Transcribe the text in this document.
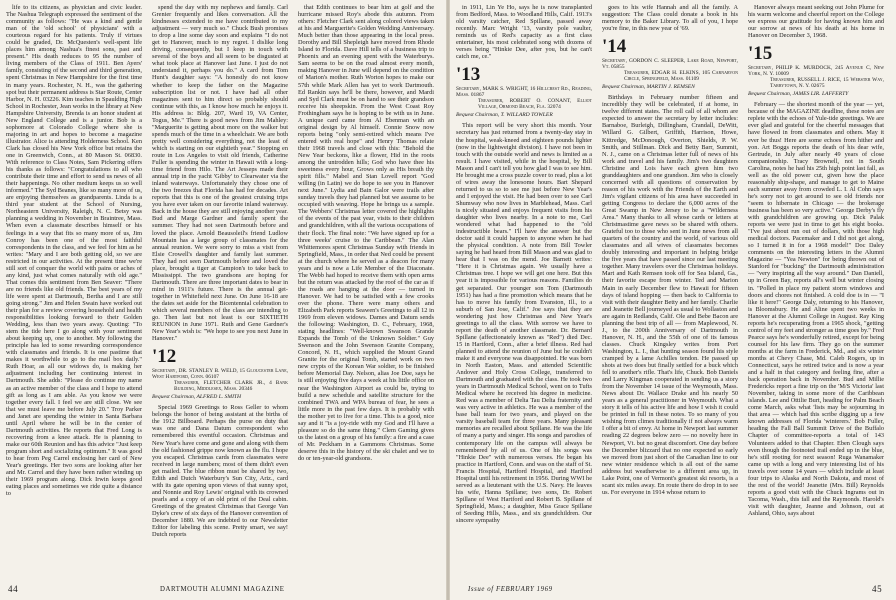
life to its citizens, as physician and civic leader. The Nashua Telegraph expressed the sentiment of the community as follows: "He was a kind and gentle man of the 'old school' of physicians' with a courteous regard for his patients. Truly if virtues could be graded, Dr. McQuesten's well-spent life places him among Nashua's finest sons, past and present." His death reduces to 95 the number of living members of the Class of 1911. Ben Ayers' family, consisting of the second and third generation, spent Christmas in New Hampshire for the first time in many years. Rochester, N. H., was the gathering spot but their permanent address is Star Route, Center Harbor, N. H. 03226. Kim teaches in Spaulding High School in Rochester, Jean works in the library at New Hampshire University, Brenda is an honor student at New England College and is a junior. Bob is a sophomore at Colorado College where she is majoring in art and hopes to become a magazine illustrator. Alice is attending Holderness School. Ken Clark has closed his New York office but retains the one in Greenwich, Conn., at 80 Mason St. 06830. With reference to Class Notes, Sam Pickering offers his thanks as follows: "Congratulations to all who contribute their time and effort to send us news of all their happenings. No other medium keeps us so well informed." The Syd Beanes, like so many more of us, are enjoying themselves as grandparents. Linda is a third year student at the School of Nursing, Northeastern University, Raleigh, N. C. Betsy was planning a wedding in November in Braintree, Mass. When even a classmate describes himself or his feelings in a way that fits so many more of us, Jim Conroy has been one of the most faithful correspondents in the class, and we feel for him as he writes: "Mary and I are both getting old, so we are restricted in our activities. At the present time we're still sort of conquer the world with pains or aches of any kind, just what comes naturally with old age." That comes this sentiment from Ben Seaver: "There are no friends like old friends. The best years of my life were spent at Dartmouth, Bertha and I are still going strong." Jim and Helen Swain have worked out their plan for a review covering household and health responsibilities looking forward to their Golden Wedding, less than two years away. Quoting: "To stem the tide here I go along with your sentiment about keeping up, one to another. My following the principle has led to some rewarding correspondence with classmates and friends. It is one pastime that makes it worthwhile to go to the mail box daily." Ruth Hoar, as all our widows do, is making her adjustment including her continuing interest in Dartmouth. She adds: "Please do continue my name as an active member of the class and I hope to attend gift as long as I am able. As you know we were together every fall. I feel we are still close. We see that we must leave me before July 20." Troy Parker and Janet are spending the winter in Santa Barbara until April where he will be in the center of Dartmouth activities. He reports that Fred Long is recovering from a knee attack. He is planning to make our 60th Reunion and has this advice "Just keep program short and socializing optimum." It was good to hear from Peg Carrel enclosing her card of New Year's greetings. Her two sons are looking after her and Mr. Carrel and they have been rather winding up their 1969 program along. Dick Irwin keeps good eating places and sometimes we ride quite a distance to

spend the day with my nephews and family. Carl Grenier frequently and likes conversation. All the kindnesses extended to me have contributed to my adjustment — very much so." Chuck Bush promises to drop a line some day soon and explains "I do not get to Hanover, much to my regret. I dislike long driving, consequently, but I keep in touch with several of the boys and all seem to be disgusted at what took place at Hanover last June. I just do not understand it, perhaps you do." A card from Tom Hunt's daughter says: "A honestly do not know whether to keep the father on the Magazine subscription list or not. I have had all other magazines sent to him direct so probably should continue with this, as I know how much he enjoys it. His address is: Bldg. 207, Ward 19, VA Center, Togus, Me." There is good news from Jim Mahley: "Marguerite is getting about more on the walker but spends much of the time in a wheelchair. We are both pretty well considering everything, not the least of which is starting on our eightieth year." Stopping en route in Los Angeles to visit old friends, Catherine Fuller is spending the winter in Hawaii with a long-time friend from Hilo. The Art Jesseps made their annual trip in the yacht 'Gibby' to Clearwater via the inland waterways. Unfortunately they chose one of the two freezes that Florida has had for decades. Art reports that this is one of the greatest cruising trips you have ever taken on our favorite inland waterway. Back in the house they are still enjoying another year. Bud and Marge Gardner and family spent the summer. They had not seen Dartmouth before and loved the place. Arnold Beausoleil's friend Ludlow Mountain has a large group of classmates for the annual reunion. We were sorry to miss a visit from Elsie Crowell's daughter and family last summer. They had not seen Dartmouth before and loved the place, brought a tiger at Campion's to take back to Mississippi. The two grandsons are hoping for Dartmouth. There are three important dates to bear in mind in 1911's future. There is the annual get-together in Whitefield next June. On June 16-18 are the dates set aside for the Bicentennial celebration to which several members of the class are intending to go. Then last but not least is our SIXTIETH REUNION in June 1971. Ruth and Gene Gardner's New Year's wish is: "We hope to see you next June in Hanover."

'12Secretary, DR. STANLEY B. WELD, 15 Gloucester Lane, West Hartford, Conn. 06107
Treasurer, FLETCHER CLARK JR., 4 Bank Building, Middlesex, Mass. 20346
Bequest Chairman, ALFRED L. SMITH

Special 1969 Greetings to Ross Geller to whom belongs the honor of being assistant at the births of the 1912 Billboard. Perhaps the purse on duty that was one and Dana Datum correspondent who remembered this eventful occasion. Christmas and New Year's have come and gone and along with them the old fashioned grippe now known as the flu. I hope you escaped. Christmas cards from classmates were received in large numbers; most of them didn't even get mailed. The blue ribbon must be shared by two, Edith and Dutch Waterbury's Sun City, Ariz., card with its gate opening upon views of that sunny spot, and Nonnie and Roy Lewis' original with its crowned pearls and a copy of an old print of the Deal cabin. Greetings of the greatest Christmas that George Van Dyke's crew of six days of the Hanover convention of December 1880. We are indebted to our Newsletter Editor for labeling this scene. Pretty smart, we say! Dutch reports

that Edith continues to bear him at golf and the hurricane missed Roy's abode this autumn. From others: Fletcher Clark sent along colored views taken at his and Marguerite's Golden Wedding Anniversary. Much better than those appearing in the local press. Dorothy and Bill Shepleigh have moved from Rhode Island to Florida. Dave Hill tells of a business trip to Phoenix and an evening spent with the Waterburys. Sam seems to be on the road almost every month, making Hanover in June will depend on the condition of Marion's mother. Ruth Worton hopes to make our 57th while Mark Allen has yet to work Dartmouth. Ed Rankin says he'll be there, however, and Mardi and Syd Clark must be on hand to see their grandson receive his sheepskin. From the West Coast Roy Frothingham says he is hoping to be with us in June. A unique card came from Al Ebenman with an original design by Al himself. Connie Snow now reports being "only semi-retired which means I've entered with real hope" and Henry Thomas relate their 1968 travels and close with this: "Behold the New Year beckons, like a flower, Hid in the roots among the untrodden hills; God who have thee his sweetness every hour, Grows only as His breath thy spirit fills." Mabel and Stan Lovell report "God willing (in Latin) we do hope to see you in Hanover next June." Lydia and Bain Galor were trails after sunday travels they had planned but we assume to be occupied with weaving. Hope he brings us a sample. The Webbers' Christmas letter covered the highlights of the events of the past year, visits to their children and grandchildren, with all the various occupations of their flock. The final note: "We have signed up for a three weeks' cruise to the Caribbean." The Alan Whittemores spent Christmas Sunday with friends in Springfield, Mass., in order that Ned could be present at the church where he served as a deacon for many years and is now a Life Member of the Diaconate. The Webb had hoped to receive them with open arms but the return was attacked by the roof of the car as if the roads are hanging at the door — turned in Hanover. We had to be satisfied with a few crooks over the phone. There were many others and Elizabeth Park reports Seawen's Greetings to all 12 in 1969 from eleven widows. Dames and Datum sends the following: Washington, D. C., February, 1968, stating headlines: "Well-known Swanson Grande Expands the Tomb of the Unknown Soldier." Guy Swenson and the John Swenson Granite Company, Concord, N. H., which supplied the Mount Grand Granite for the original Tomb, started work on two new crypts of the Korean War soldier, to be finished before Memorial Day. Nelson, alias Joe Doe, says he is still enjoying five days a week at his little office on near the Washington Airport as could be, trying to build a new schedule and satellite structure for the combined TWA and WPA bureau of fear, he sees a little more in the past few days. It is probably with the mother yet to live for a time. This is a good, nice say and it "is a joy-ride with my God and I'll have a pleasure so do the same thing." Clem Gaming gives us the latest on a group of his family: a fire and a case of Mr. Peckham in a Gammons Christmas. Some deserve this in the history of the ski chalet and we to do or ten-year-old grandsons.

in 1911, Lin Ye Ho, says he is now transplanted from Bedford, Mass. to Woodland Hills, Calif. 1913's old varsity catcher, Red Spillane, passed away recently. Marc Wright '13, varsity pole vaulter, reminds us of Red's capacity as a first class entertainer, his most celebrated song with dozens of verses being "Hinkie Dee, after you, but he can't catch me, ce."

'13Secretary, MARK S. WRIGHT, 16 Hillcrest Rd., Reading, Mass. 01867
Treasurer, ROBERT O. CONANT, Elliot Village, Ormond Beach, Fla. 32074
Bequest Chairman, T. WILLARD TOWLER

This report will be very short this month. Your secretary has just returned from a twenty-day stay in the hospital, weak-kneed and eighteen pounds lighter (now in the lightweight division). I have not been in touch with the outside world and news is limited as a result. I have visited, while in the hospital, by Bill Mason and I can't tell you how glad I was to see him. He brought me a cross puzzle cover to read, plus a lot of wires away the lonesome hours. Bart Shepard returned to us so to see me just before New Year's and I enjoyed the visit. He had been over to see Carl Shumway who now lives in Marblehead, Mass. Carl is nicely situated and enjoys frequent visits from his daughter who lives nearby. In a note to me, Carl wondered what had happened to the "old indestructible bears." I'll have the answer but the doctor said it could happen to anyone when he had the physical condition. A note from Bill Towler saying he had heard from Bill Mason and was glad to hear that I was on the mend. Joe Barnett writes: "Here it is Christmas again. We usually have a Christmas tree. I hope we will get one here. But this year it is impossible for various reasons. Families do get separated. Our younger son Tom (Dartmouth 1951) has had a fine promotion which means that he has to move his family from Evanston, Ill., to a suburb of San Jose, Calif." Joe says that they are wondering just how Christmas and New Year's greetings to all the class. With sorrow we have to report the death of another classmate. Dr. Bernard Spillane (affectionately known as "Red") died Dec. 15 in Hartford, Conn., after a brief illness. Red had planned to attend the reunion of June but he couldn't make it and everyone was disappointed. He was born in North Easton, Mass. and attended Scientific Andover and Holy Cross College, transferred to Dartmouth and graduated with the class. He took two years in Dartmouth Medical School, went on to Tufts Medical where he received his degree in medicine. Red was a member of Delta Tau Delta fraternity and was very active in athletics. He was a member of the base ball team for two years, and played on the varsity baseball team for three years. Many pleasant memories are recalled about Spillane. He was the life of many a party and singer. His songs and parodies of contemporary life on the campus will always be remembered by all of us. One of his songs was "Hinkie Dee" with numerous verses. He began his practice in Hartford, Conn. and was on the staff of St. Francis Hospital, Hartford Hospital, and Hartford Hospital until his retirement in 1956. During WWI he served as a lieutenant with the U.S. Navy. He leaves his wife, Hanna Spillane; two sons, Dr. Robert Spillane of West Hartford and Robert B. Spillane of Springfield, Mass.; a daughter, Miss Grace Spillane of Seeding Hills, Mass., and six grandchildren. Our sincere sympathy

goes to his wife Hannah and all the family. A suggestion: The Class could donate a book in his memory to the Baker Library. To all of you, I hope you're fine, in this new year of '69.

'14Secretary, GORDON C. SLEEPER, Lake Road, Newport, Vt. 05855
Treasurer, EDGAR H. ELKINS, 105 Carnarvon Circle, Springfield, Mass. 01109
Bequest Chairman, MARTIN J. REMSEN

Birthdays in February number fifteen and incredibly they will be celebrated, if at home, in twelve different states. The roll call of all whom are expected to answer the secretary by letter includes: Barnaboe, Burleigh, Dillingham, Crandall, DeWitt, Willard G. Gilbert, Griffith, Harrison, Howe, Kittredge, McDonough, Overton, Shields, P. W. Smith, and Stillman. Dick and Betty Barr, Summit, N. J., came on a Christmas letter full of news of his work and travel and his family. Jim's two daughters Christine and Lois have each given him two granddaughters and one grandson. Jim who is closely concerned with all questions of conservation by reason of his work with the Friends of the Earth and Jim's vigilant citizens of his area have succeeded in getting Congress to declare the 6,000 acres of the Great Swamp in New Jersey to be a "Wilderness Area." Many thanks to all whose cards or letters at Christmastime gave news so be shared with others. Grateful too to those who sent in June news from all quarters of the country and the world, of various old classmates and all wives of classmates becomes doubly interesting and important in helping bridge the five years that have passed since our last meeting together. Many travelers over the Christmas holidays. Mart and Kath Remsen took off for Sea Island, Ga., their favorite escape from winter. Ted and Marion Main in early December flew to Hawaii for fifteen days of island hopping — then back to California to visit with their daughter Betty and her family. Charlie and Jeanette Bell journeyed as usual to Wollaston and are again in Redlands, Calif. Ole and Bebe Bacon are planning the best trip of all — from Maplewood, N. J., to the 200th Anniversary of Dartmouth in Hanover, N. H., and the 55th of one of its famous classes. Chuck Kingsley writes from Port Washington, L. I., that hunting season found his style cramped by a lame Achilles tendon. He passed up shots at two does but finally settled for a buck which fell to another's rifle. That's life, Chuck. Bob Daniels and Larry Kingman cooperated in sending us a story from the November 14 issue of the Weymouth, Mass. News about Dr. Wallace Drake and his nearly 50 years as a general practitioner in Weymouth. What a story it tells of his active life and how I wish it could be printed in full in these notes. To so many of you wishing from climes traditionally if not always warm I offer a bit of envy. At home in Newport last summer reading 22 degrees below zero — no novelty here in Newport, Vt. but no great discomfort. One day before the December blizzard that no one expected so early we moved from just short of the Canadian line to our new winter residence which is all out of the same address but weatherwise to a different area up, in Lake Point, one of Vermont's greatest ski resorts, is a scant six miles away. En route there do drop in to see us. For everyone in 1914 whose return to

Hanover always meant seeking out John Plume for his warm welcome and cheerful report on the College we express our gratitude for having known him and our sorrow at news of his death at his home in Hanover on December 3, 1968.

'15Secretary, PHILIP K. MURDOCK, 245 Avenue C, New York, N. Y. 10009
Treasurer, RUSSELL J. RICE, 15 Webster Way, Tarrytown, N. Y. 02675
Bequest Chairman, JAMES LIR. LAFFERTY

February — the shortest month of the year — yet, because of the MAGAZINE deadline, these notes are replete with the echoes of Yule-tide greetings. We are ever glad and grateful for the cheerful messages that have flowed in from classmates and others. May it ever be thus! Here are some echoes from hither and yon. Art Boggs reports the death of his dear wife, Gertrude, in July after nearly 49 years of close companionship. Tracy Brownell, not in South Carolina, notes he had his 25th high point last fall, as well as the old power cut, given how the place reasonably ship-shape, and manage to get to Maine each summer away from crowded L. I. Al Cohn says he's sorry not to get around to see old friends nor "seem to hibernate in Chicago — the brokerage business has been so very active." George Derby's fly with grandchildren are growing up. Dick Palak reports we were just in time to get his eight books. "I've just about run out of dollars, with those high medical doctors. Pacemaker and I did not get along, so I turned it in for a 1968 model!" Doc Daley comments on the interesting letters in the Alumni Magazine — "Yea Newton" for being thrown out of Stanford for "bucking" the Dartmouth administration — "very inspiring all the way around." Dan Daniell, up in Green Bay, reports all's well but winter closing in. "Polled in place my patient storm windows and doors and chores not finished. A cold doe is in — "I like it here!" George Daly, returning to his Hanover, is Bloomsbury. He and Aline spent two weeks in Hanover at the Alumni College in August. Ray King reports he's recuperating from a 1965 shock, "getting control of my feet and stronger as time goes by." Fred Pearce says he's wonderfully retired, except for being counsel for his law firm. They go on the summer months at the farm in Frederick, Md., and six winter months at Chevy Chase, Md. Caleb Rogers, up in Connecticut, says he retired twice and is now a year and a half in that category and feeling fine, after a back operation back in November. Bud and Millie Fredericks report a fine trip on the 'M/S Victoria' last November, taking in some more of the Caribbean islands. Lee and Ottilie Burt, heading for Palm Beach come March, asks what 'lists may be sojourning in that area — which had this scribe digging up a few known addresses of Florida 'winterers.' Bob Fuller, heading the Fall Ball Summit Drive of the Buffalo Chapter of committee-reports a total of 143 Volunteers added to that Chapter. Eben Clough says even though the footnoted trail ended up in the blue, he's still rooting for next season! Ruga Wanamaker came up with a long and very interesting list of his travels over some 14 years — which include at least four trips to Alaska and North Dakota, and most of the rest of the world! Jeanette (Mrs. Bill) Reynolds reports a good visit with the Chuck Ingrams out in Tacoma, Wash., this fall and the Raymonds. Harold's visit with daughter, Jeanne and Johnson, out at Ashland, Ohio, says about

44	DARTMOUTH ALUMNI MAGAZINE	Issue of FEBRUARY 1969	45
